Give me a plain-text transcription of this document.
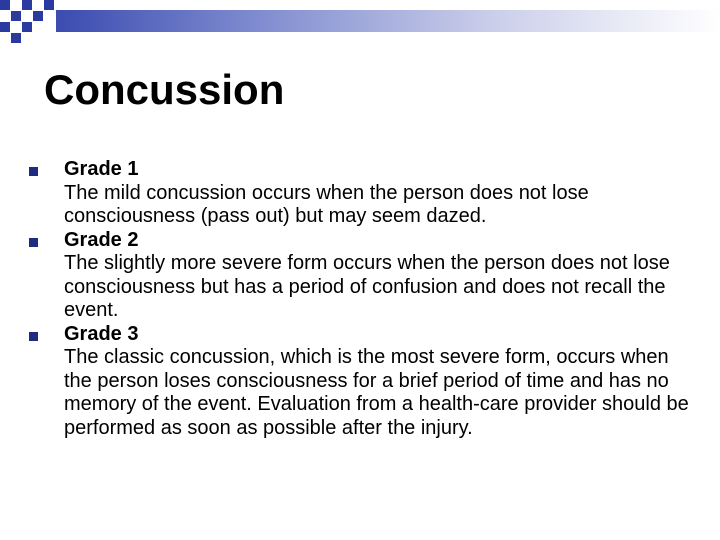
Concussion
Grade 1
The mild concussion occurs when the person does not lose consciousness (pass out) but may seem dazed.
Grade 2
The slightly more severe form occurs when the person does not lose consciousness but has a period of confusion and does not recall the event.
Grade 3
The classic concussion, which is the most severe form, occurs when the person loses consciousness for a brief period of time and has no memory of the event. Evaluation from a health-care provider should be performed as soon as possible after the injury.
